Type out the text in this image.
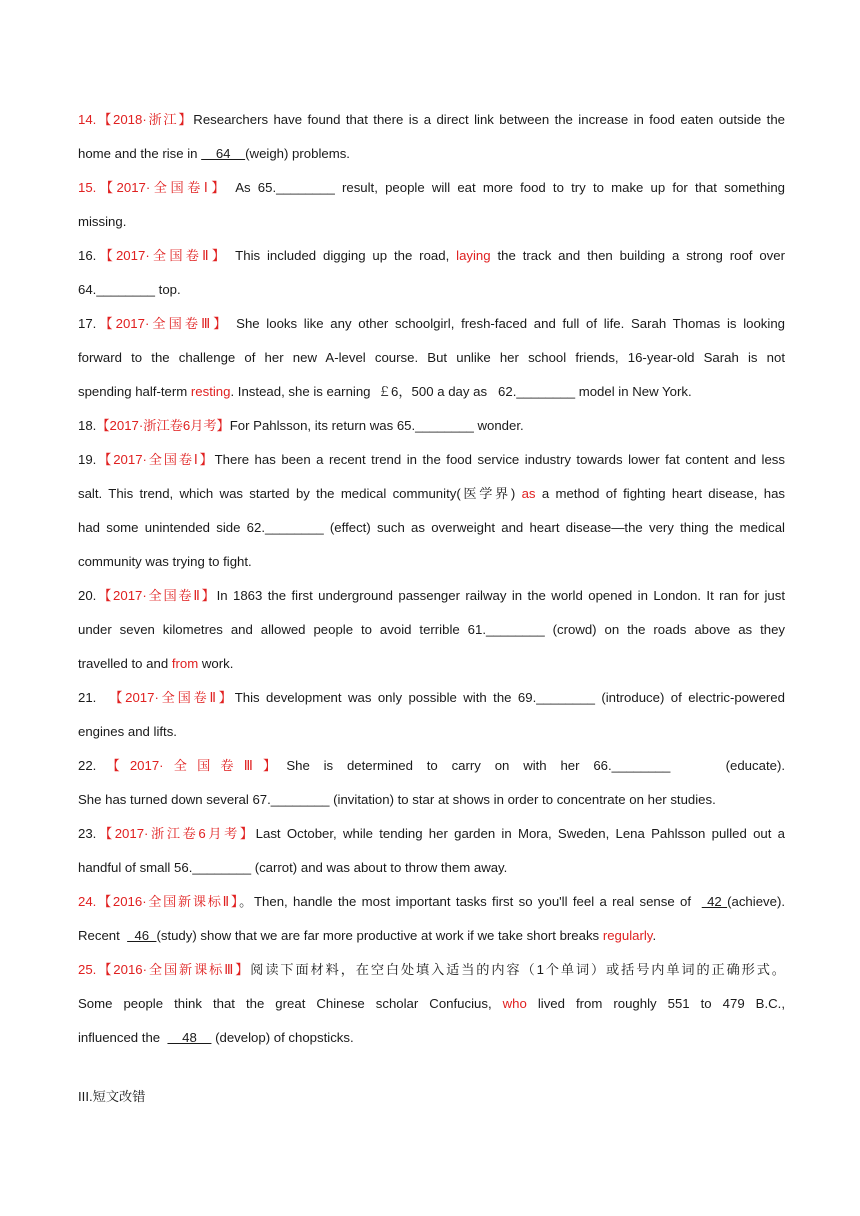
14.【2018·浙江】Researchers have found that there is a direct link between the increase in food eaten outside the
home and the rise in     64    (weigh) problems.
15.【2017·全国卷Ⅰ】 As 65.________ result, people will eat more food to try to make up for that something
missing.
16.【2017·全国卷Ⅱ】 This included digging up the road, laying the track and then building a strong roof over
64.________ top.
17.【2017·全国卷Ⅲ】 She looks like any other schoolgirl, fresh-faced and full of life. Sarah Thomas is looking
forward to the challenge of her new A-level course. But unlike her school friends, 16-year-old Sarah is not
spending half-term resting. Instead, she is earning  ￡6，500 a day as   62.________ model in New York.
18.【2017·浙江卷6月考】For Pahlsson, its return was 65.________ wonder.
19.【2017·全国卷Ⅰ】There has been a recent trend in the food service industry towards lower fat content and less
salt. This trend, which was started by the medical community(医学界) as a method of fighting heart disease, has
had some unintended side 62.________ (effect) such as overweight and heart disease—the very thing the medical
community was trying to fight.
20.【2017·全国卷Ⅱ】In 1863 the first underground passenger railway in the world opened in London. It ran for just
under seven kilometres and allowed people to avoid terrible 61.________ (crowd) on the roads above as they
travelled to and from work.
21.  【2017·全国卷Ⅱ】This development was only possible with the 69.________ (introduce) of electric-powered
engines and lifts.
22.【2017·全国卷Ⅲ】She is determined to carry on with her 66.________    (educate).
She has turned down several 67.________ (invitation) to star at shows in order to concentrate on her studies.
23.【2017·浙江卷6月考】Last October, while tending her garden in Mora, Sweden, Lena Pahlsson pulled out a
handful of small 56.________ (carrot) and was about to throw them away.
24.【2016·全国新课标Ⅱ】。Then, handle the most important tasks first so you'll feel a real sense of   42 (achieve).
Recent    46  (study) show that we are far more productive at work if we take short breaks regularly.
25.【2016·全国新课标Ⅲ】阅读下面材料，在空白处填入适当的内容（1个单词）或括号内单词的正确形式。
Some people think that the great Chinese scholar Confucius, who lived from roughly 551 to 479 B.C.,
influenced the      48     (develop) of chopsticks.
III.短文改错
